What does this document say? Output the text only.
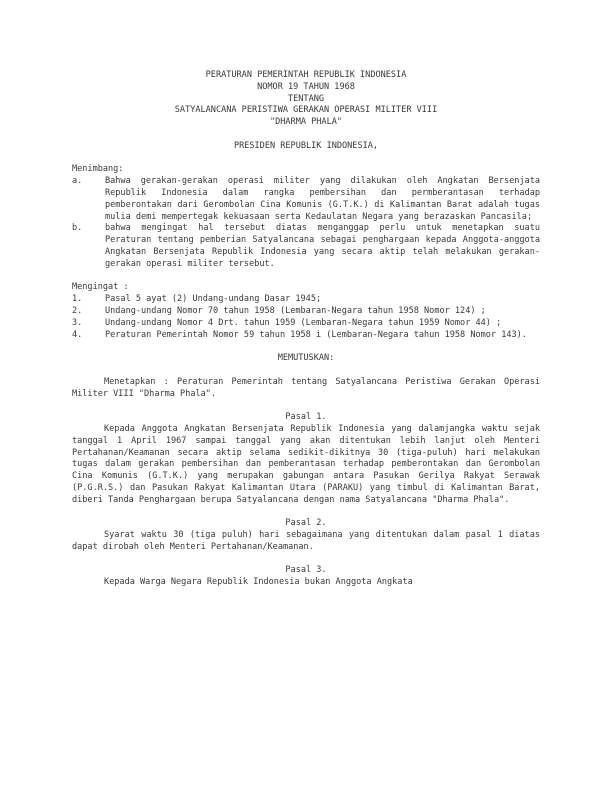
PERATURAN PEMERINTAH REPUBLIK INDONESIA
NOMOR 19 TAHUN 1968
TENTANG
SATYALANCANA PERISTIWA GERAKAN OPERASI MILITER VIII
"DHARMA PHALA"
PRESIDEN REPUBLIK INDONESIA,
Menimbang:
a.	Bahwa gerakan-gerakan operasi militer yang dilakukan oleh Angkatan Bersenjata Republik Indonesia dalam rangka pembersihan dan permberantasan terhadap pemberontakan dari Gerombolan Cina Komunis (G.T.K.) di Kalimantan Barat adalah tugas mulia demi mempertegak kekuasaan serta Kedaulatan Negara yang berazaskan Pancasila;
b.	bahwa mengingat hal tersebut diatas menganggap perlu untuk menetapkan suatu Peraturan tentang pemberian Satyalancana sebagai penghargaan kepada Anggota-anggota Angkatan Bersenjata Republik Indonesia yang secara aktip telah melakukan gerakan-gerakan operasi militer tersebut.
Mengingat :
1.	Pasal 5 ayat (2) Undang-undang Dasar 1945;
2.	Undang-undang Nomor 70 tahun 1958 (Lembaran-Negara tahun 1958 Nomor 124) ;
3.	Undang-undang Nomor 4 Drt. tahun 1959 (Lembaran-Negara tahun 1959 Nomor 44) ;
4.	Peraturan Pemerintah Nomor 59 tahun 1958 i (Lembaran-Negara tahun 1958 Nomor 143).
MEMUTUSKAN:
Menetapkan : Peraturan Pemerintah tentang Satyalancana Peristiwa Gerakan Operasi Militer VIII "Dharma Phala".
Pasal 1.
Kepada Anggota Angkatan Bersenjata Republik Indonesia yang dalamjangka waktu sejak tanggal 1 April 1967 sampai tanggal yang akan ditentukan lebih lanjut oleh Menteri Pertahanan/Keamanan secara aktip selama sedikit-dikitnya 30 (tiga-puluh) hari melakukan tugas dalam gerakan pembersihan dan pemberantasan terhadap pemberontakan dan Gerombolan Cina Komunis (G.T.K.) yang merupakan gabungan antara Pasukan Gerilya Rakyat Serawak (P.G.R.S.) dan Pasukan Rakyat Kalimantan Utara (PARAKU) yang timbul di Kalimantan Barat, diberi Tanda Penghargaan berupa Satyalancana dengan nama Satyalancana "Dharma Phala".
Pasal 2.
Syarat waktu 30 (tiga puluh) hari sebagaimana yang ditentukan dalam pasal 1 diatas dapat dirobah oleh Menteri Pertahanan/Keamanan.
Pasal 3.
Kepada Warga Negara Republik Indonesia bukan Anggota Angkata
